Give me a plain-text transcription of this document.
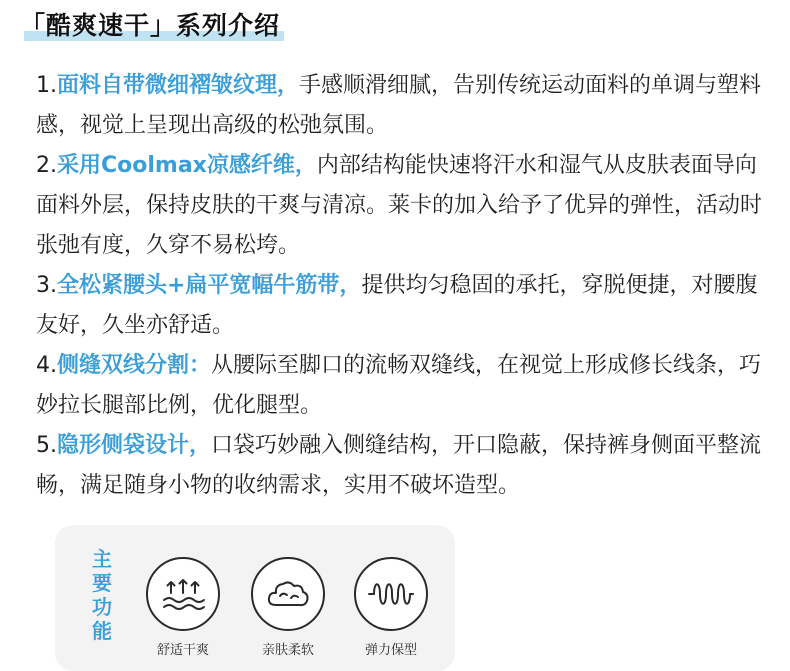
「酷爽速干」系列介绍

1.面料自带微细褶皱纹理，手感顺滑细腻，告别传统运动面料的单调与塑料感，视觉上呈现出高级的松弛氛围。

2.采用Coolmax凉感纤维，内部结构能快速将汗水和湿气从皮肤表面导向面料外层，保持皮肤的干爽与清凉。莱卡的加入给予了优异的弹性，活动时张弛有度，久穿不易松垮。

3.全松紧腰头+扁平宽幅牛筋带，提供均匀稳固的承托，穿脱便捷，对腰腹友好，久坐亦舒适。

4.侧缝双线分割：从腰际至脚口的流畅双缝线，在视觉上形成修长线条，巧妙拉长腿部比例，优化腿型。

5.隐形侧袋设计，口袋巧妙融入侧缝结构，开口隐蔽，保持裤身侧面平整流畅，满足随身小物的收纳需求，实用不破坏造型。

主
要
功
能
舒适干爽	亲肤柔软	弹力保型
